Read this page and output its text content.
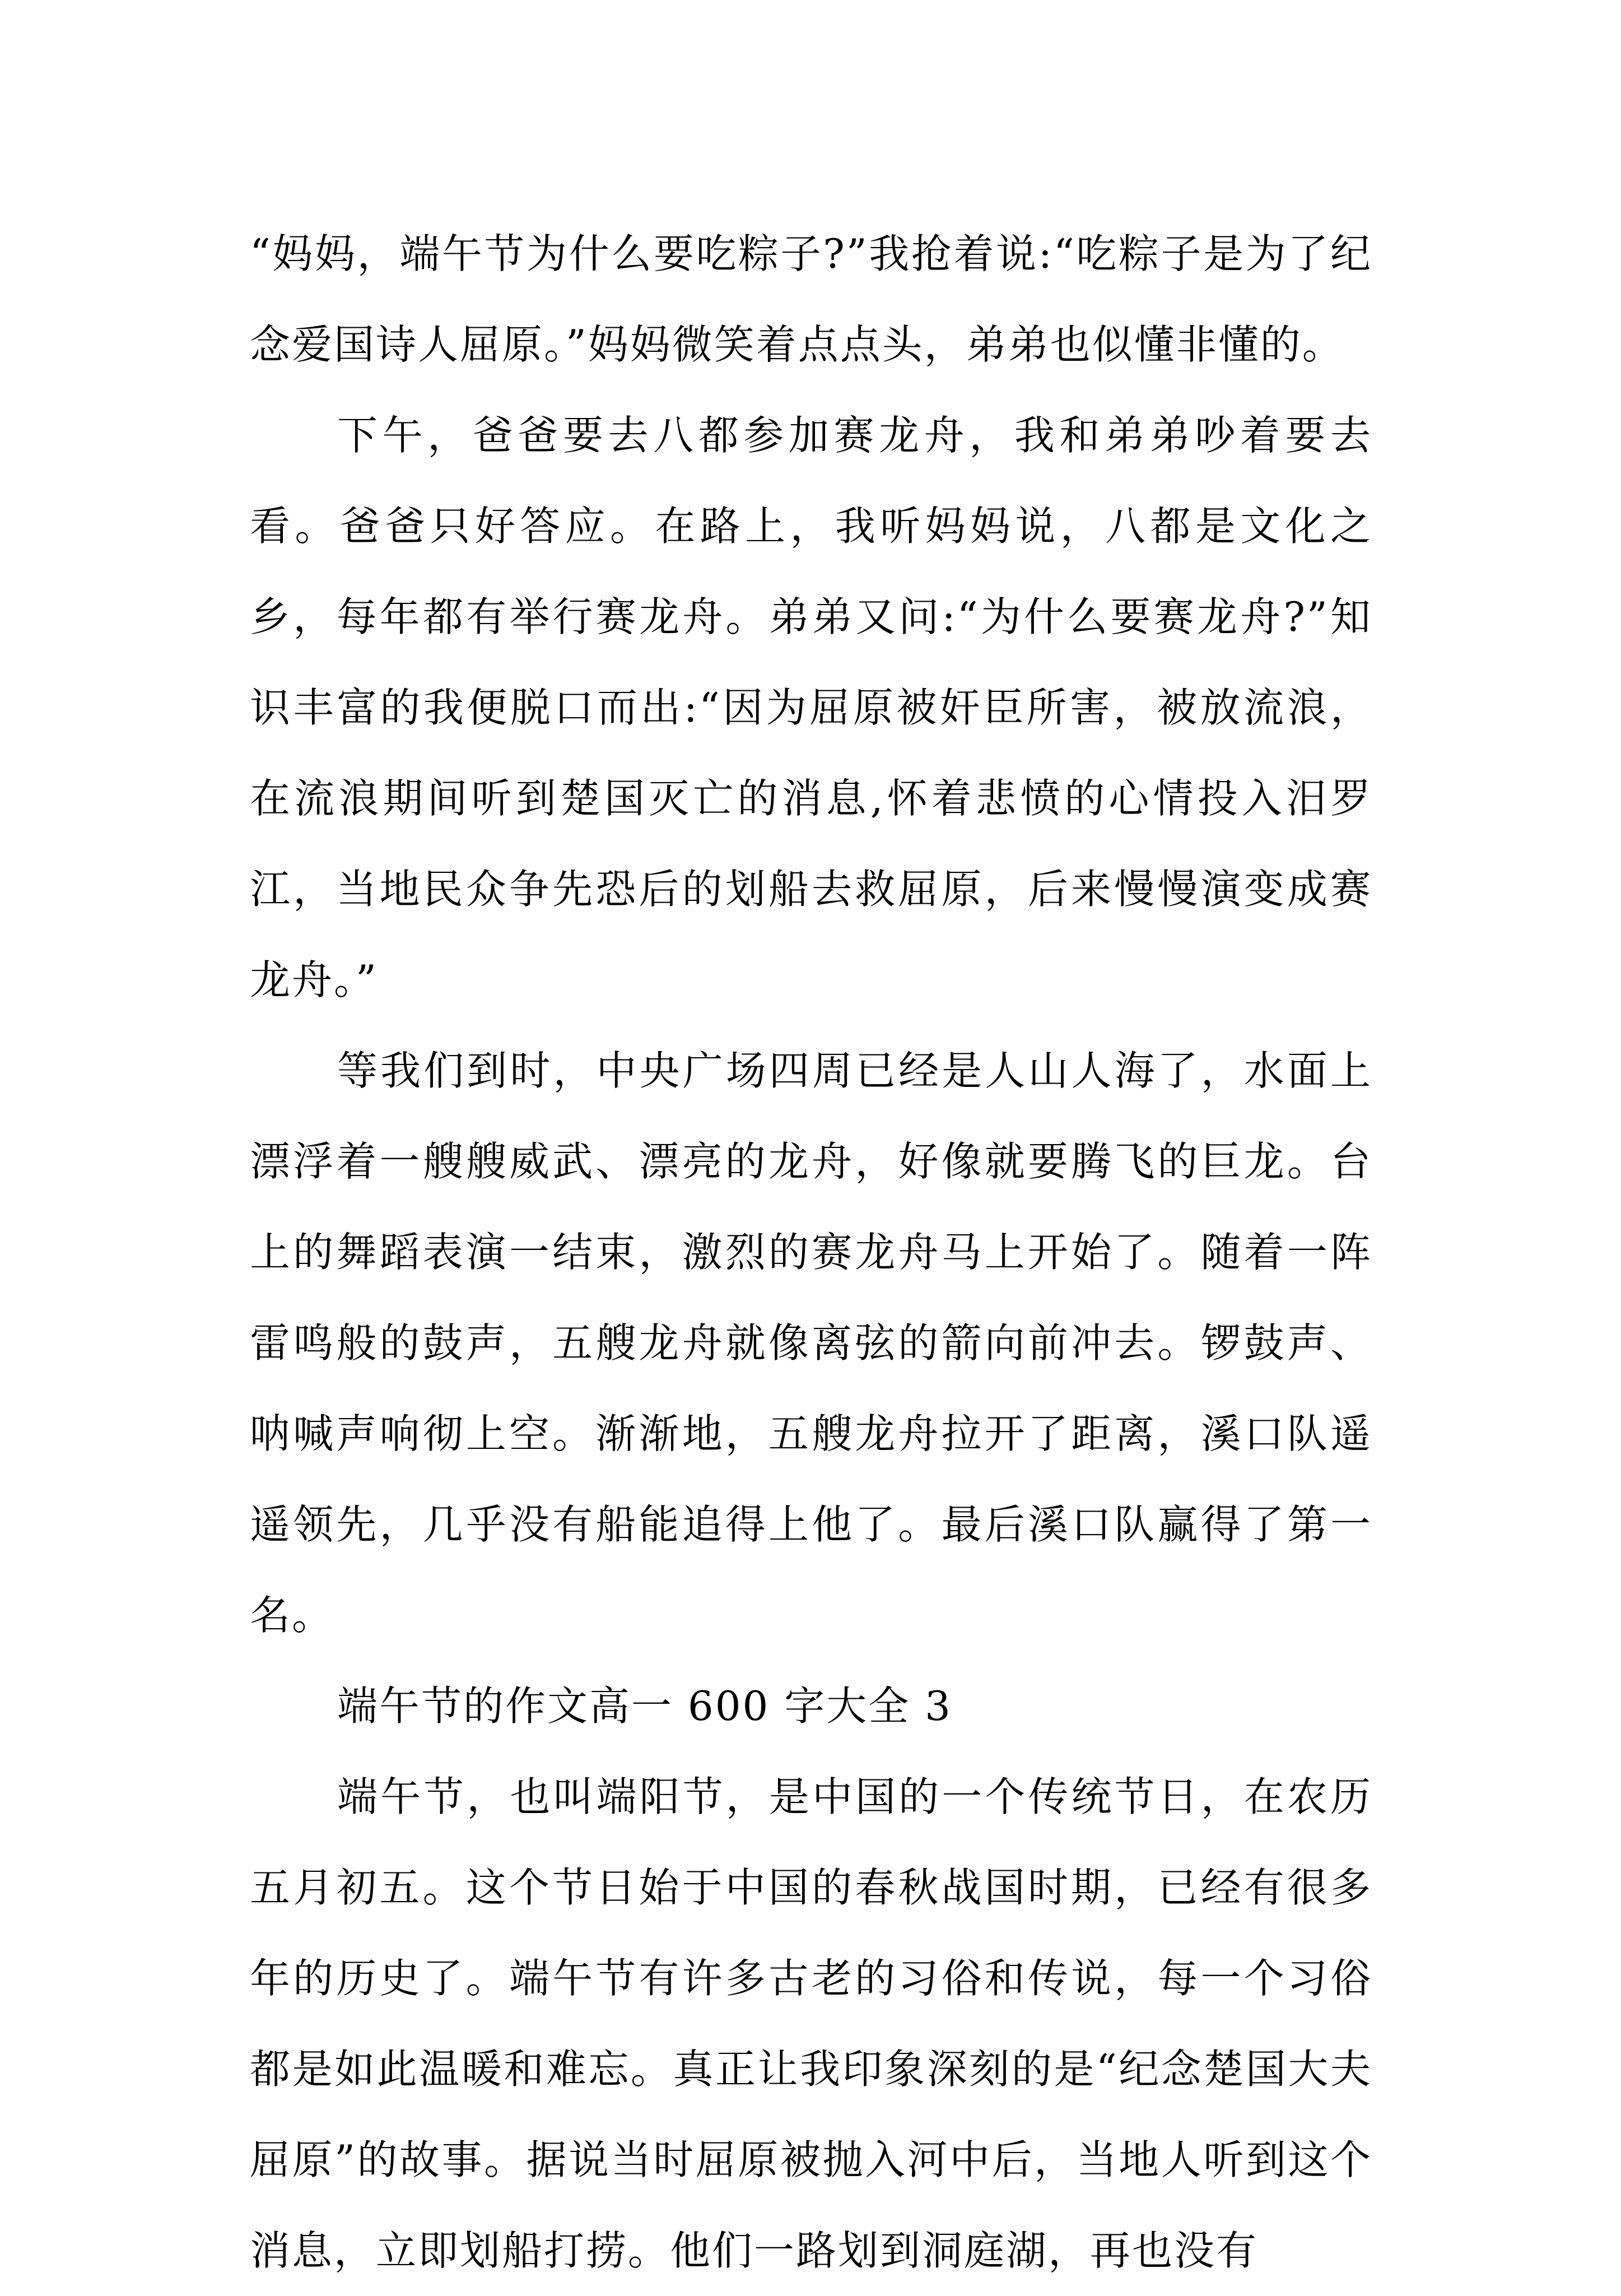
“妈妈，端午节为什么要吃粽子?”我抢着说:“吃粽子是为了纪念爱国诗人屈原。”妈妈微笑着点点头，弟弟也似懂非懂的。

下午，爸爸要去八都参加赛龙舟，我和弟弟吵着要去看。爸爸只好答应。在路上，我听妈妈说，八都是文化之乡，每年都有举行赛龙舟。弟弟又问:“为什么要赛龙舟?”知识丰富的我便脱口而出:“因为屈原被奸臣所害，被放流浪，在流浪期间听到楚国灭亡的消息,怀着悲愤的心情投入汨罗江，当地民众争先恐后的划船去救屈原，后来慢慢演变成赛龙舟。”

等我们到时，中央广场四周已经是人山人海了，水面上漂浮着一艘艘威武、漂亮的龙舟，好像就要腾飞的巨龙。台上的舞蹈表演一结束，激烈的赛龙舟马上开始了。随着一阵雷鸣般的鼓声，五艘龙舟就像离弦的箭向前冲去。锣鼓声、呐喊声响彻上空。渐渐地，五艘龙舟拉开了距离，溪口队遥遥领先，几乎没有船能追得上他了。最后溪口队赢得了第一名。

端午节的作文高一 600 字大全 3

端午节，也叫端阳节，是中国的一个传统节日，在农历五月初五。这个节日始于中国的春秋战国时期，已经有很多年的历史了。端午节有许多古老的习俗和传说，每一个习俗都是如此温暖和难忘。真正让我印象深刻的是“纪念楚国大夫屈原”的故事。据说当时屈原被抛入河中后，当地人听到这个消息，立即划船打捞。他们一路划到洞庭湖，再也没有
